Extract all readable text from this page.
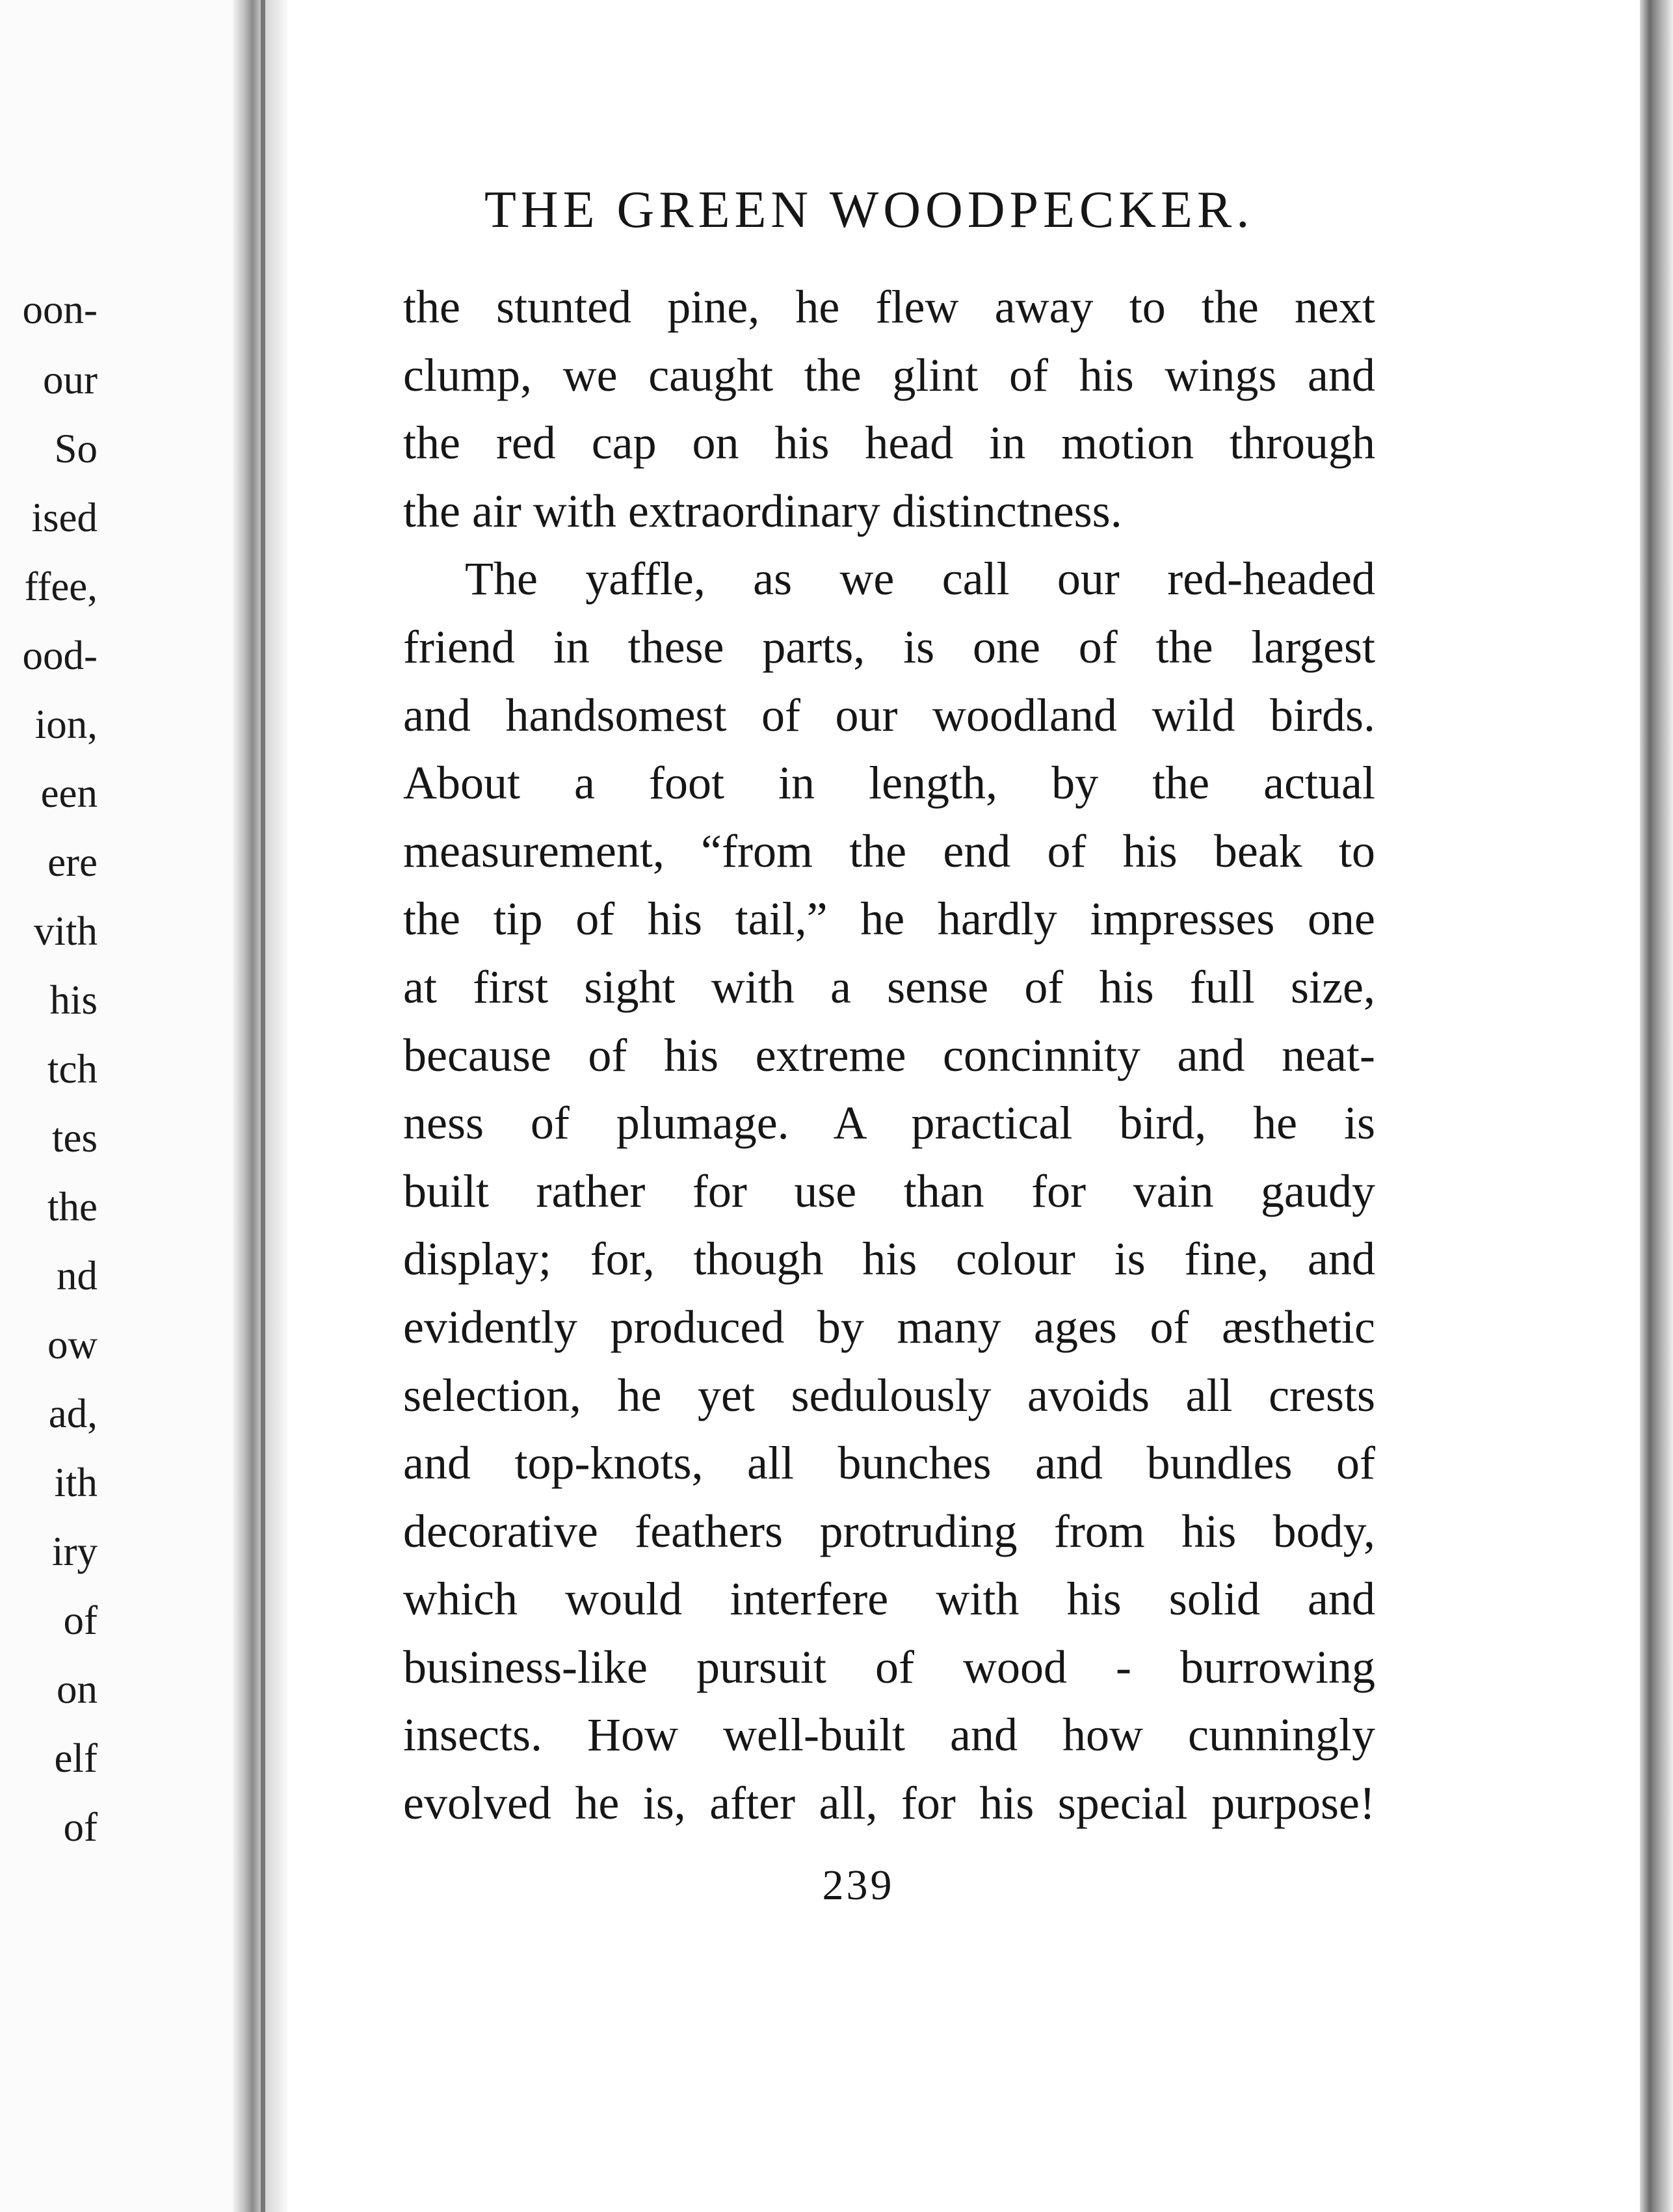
oon-
our
So
ised
ffee,
ood-
ion,
een
ere
vith
his
tch
tes
the
nd
ow
ad,
ith
iry
of
on
elf
of
THE GREEN WOODPECKER.
the stunted pine, he flew away to the next
clump, we caught the glint of his wings and
the red cap on his head in motion through
the air with extraordinary distinctness.
The yaffle, as we call our red-headed
friend in these parts, is one of the largest
and handsomest of our woodland wild birds.
About a foot in length, by the actual
measurement, “from the end of his beak to
the tip of his tail,” he hardly impresses one
at first sight with a sense of his full size,
because of his extreme concinnity and neat-
ness of plumage. A practical bird, he is
built rather for use than for vain gaudy
display; for, though his colour is fine, and
evidently produced by many ages of æsthetic
selection, he yet sedulously avoids all crests
and top-knots, all bunches and bundles of
decorative feathers protruding from his body,
which would interfere with his solid and
business-like pursuit of wood - burrowing
insects. How well-built and how cunningly
evolved he is, after all, for his special purpose!
239
